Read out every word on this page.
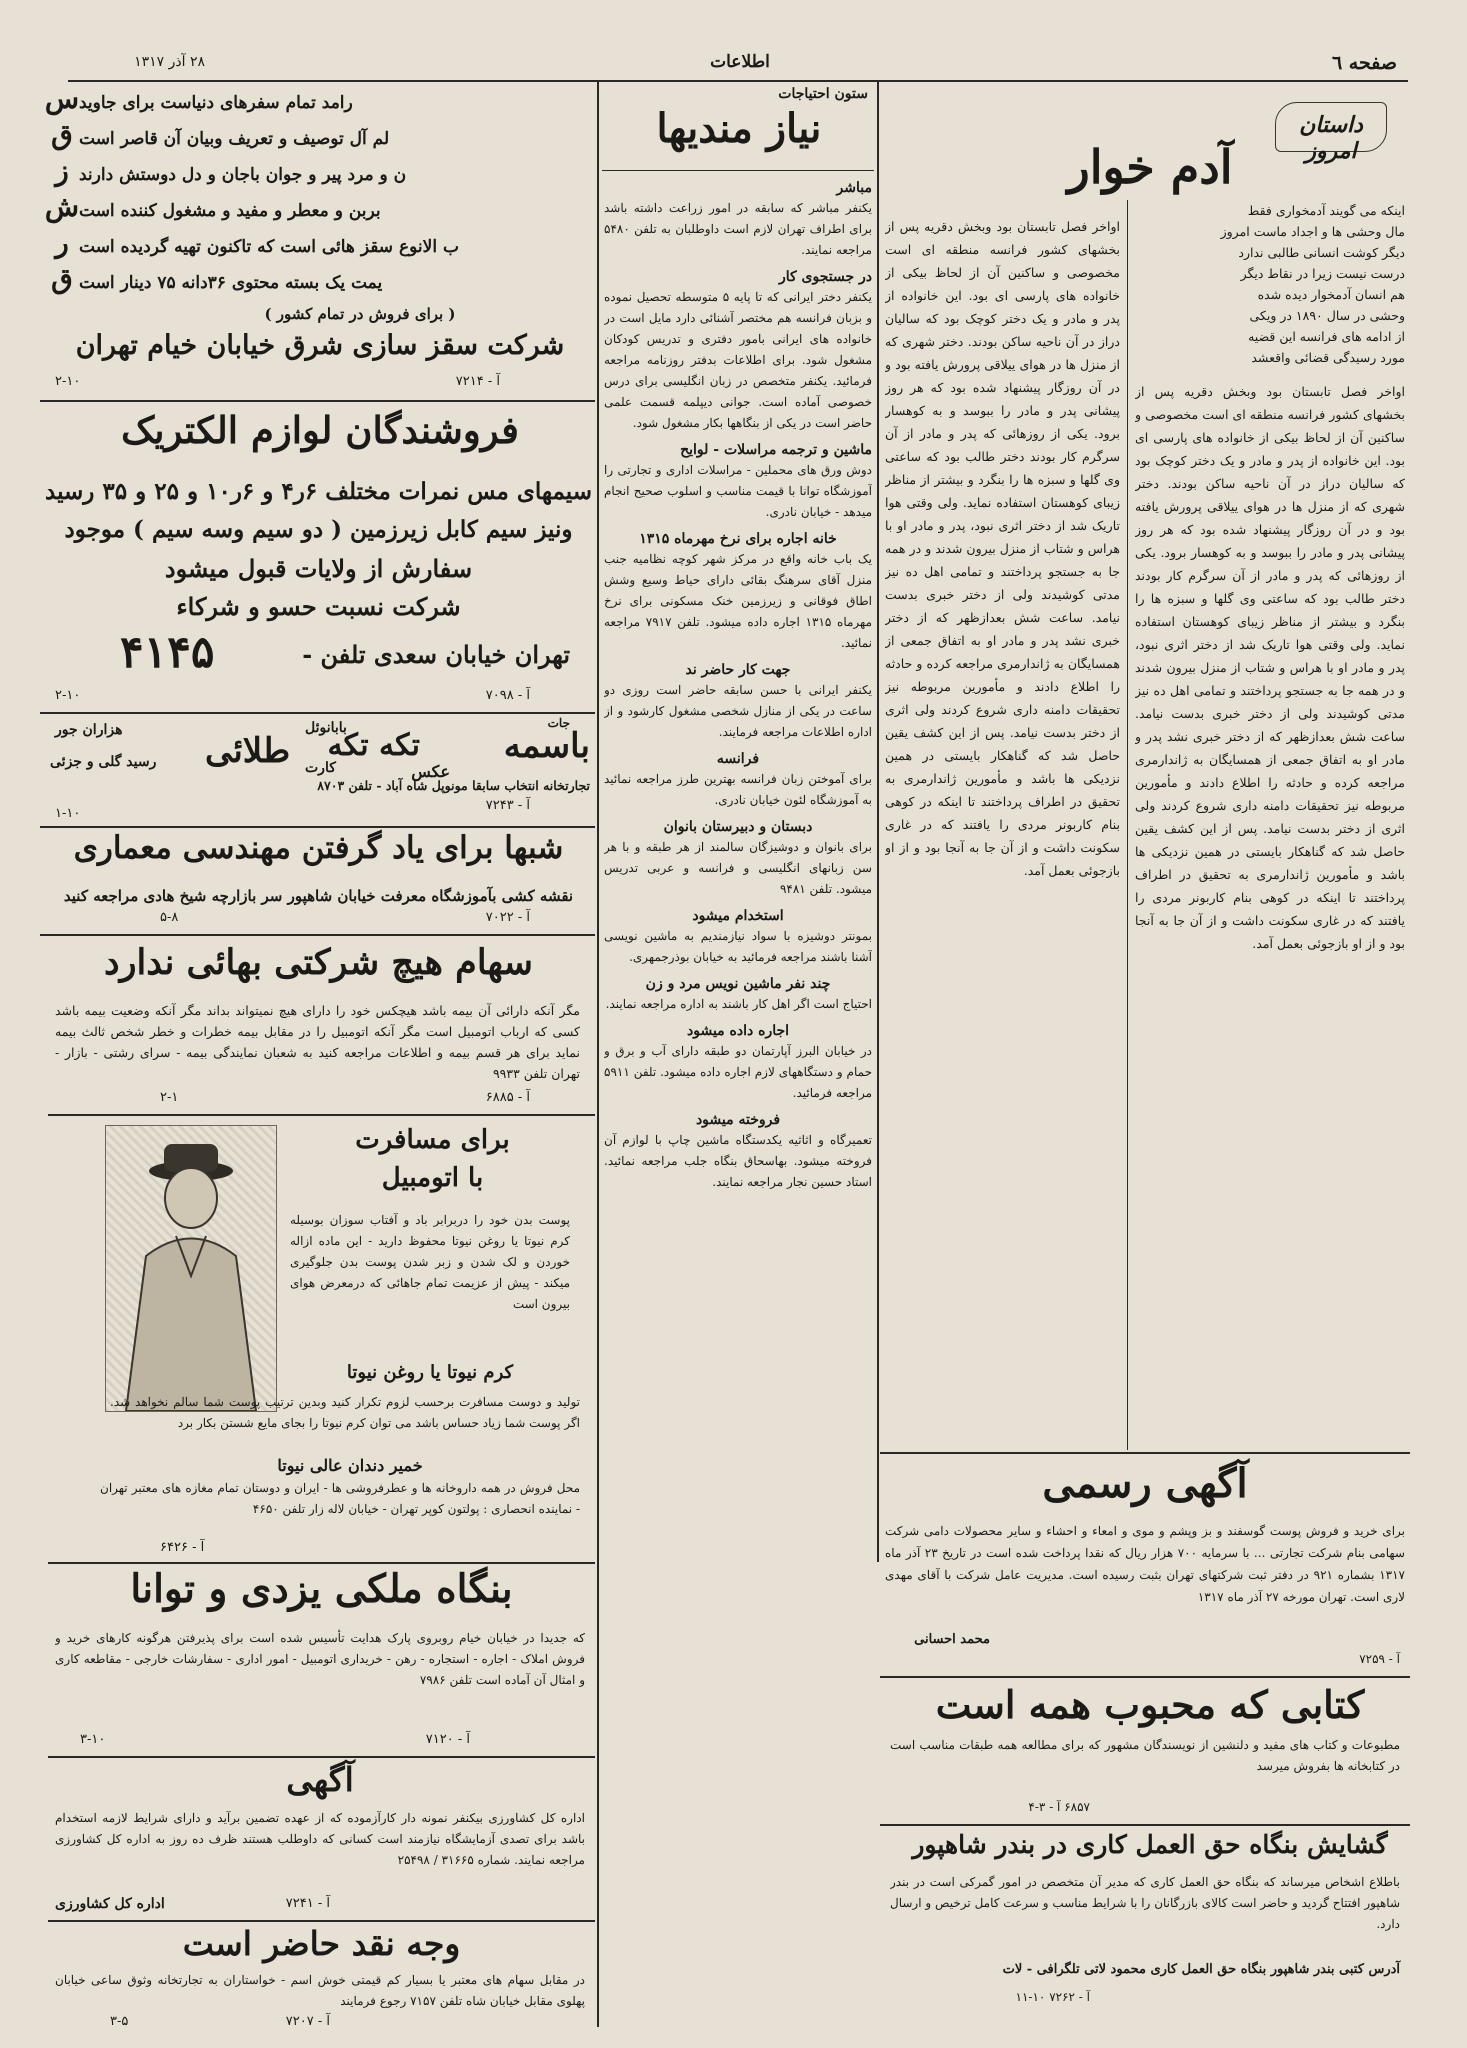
صفحه ٦
اطلاعات
۲۸ آذر ۱۳۱۷
داستان امروز
آدم خوار
اینکه می گویند آدمخواری فقط
مال وحشی ها و اجداد ماست امروز
دیگر کوشت انسانی طالبی ندارد
درست نیست زیرا در نقاط دیگر
هم انسان آدمخوار دیده شده
وحشی در سال ۱۸۹۰ در ویکی
از ادامه های فرانسه این قضیه
مورد رسیدگی قضائی واقعشد
اواخر فصل تابستان بود وبخش دقریه پس از بخشهای کشور فرانسه منطقه ای است مخصوصی و ساکنین آن از لحاظ بیکی از خانواده های پارسی ای بود. این خانواده از پدر و مادر و یک دختر کوچک بود که سالیان دراز در آن ناحیه ساکن بودند. دختر شهری که از منزل ها در هوای ییلاقی پرورش یافته بود و در آن روزگار پیشنهاد شده بود که هر روز پیشانی پدر و مادر را ببوسد و به کوهسار برود. یکی از روزهائی که پدر و مادر از آن سرگرم کار بودند دختر طالب بود که ساعتی وی گلها و سبزه ها را بنگرد و بیشتر از مناظر زیبای کوهستان استفاده نماید. ولی وقتی هوا تاریک شد از دختر اثری نبود، پدر و مادر او با هراس و شتاب از منزل بیرون شدند و در همه جا به جستجو پرداختند و تمامی اهل ده نیز مدتی کوشیدند ولی از دختر خبری بدست نیامد. ساعت شش بعدازظهر که از دختر خبری نشد پدر و مادر او به اتفاق جمعی از همسایگان به ژاندارمری مراجعه کرده و حادثه را اطلاع دادند و مأمورین مربوطه نیز تحقیقات دامنه داری شروع کردند ولی اثری از دختر بدست نیامد. پس از این کشف یقین حاصل شد که گناهکار بایستی در همین نزدیکی ها باشد و مأمورین ژاندارمری به تحقیق در اطراف پرداختند تا اینکه در کوهی بنام کاربونر مردی را یافتند که در غاری سکونت داشت و از آن جا به آنجا بود و از او بازجوئی بعمل آمد.
اواخر فصل تابستان بود وبخش دقریه پس از بخشهای کشور فرانسه منطقه ای است مخصوصی و ساکنین آن از لحاظ بیکی از خانواده های پارسی ای بود. این خانواده از پدر و مادر و یک دختر کوچک بود که سالیان دراز در آن ناحیه ساکن بودند. دختر شهری که از منزل ها در هوای ییلاقی پرورش یافته بود و در آن روزگار پیشنهاد شده بود که هر روز پیشانی پدر و مادر را ببوسد و به کوهسار برود. یکی از روزهائی که پدر و مادر از آن سرگرم کار بودند دختر طالب بود که ساعتی وی گلها و سبزه ها را بنگرد و بیشتر از مناظر زیبای کوهستان استفاده نماید. ولی وقتی هوا تاریک شد از دختر اثری نبود، پدر و مادر او با هراس و شتاب از منزل بیرون شدند و در همه جا به جستجو پرداختند و تمامی اهل ده نیز مدتی کوشیدند ولی از دختر خبری بدست نیامد. ساعت شش بعدازظهر که از دختر خبری نشد پدر و مادر او به اتفاق جمعی از همسایگان به ژاندارمری مراجعه کرده و حادثه را اطلاع دادند و مأمورین مربوطه نیز تحقیقات دامنه داری شروع کردند ولی اثری از دختر بدست نیامد. پس از این کشف یقین حاصل شد که گناهکار بایستی در همین نزدیکی ها باشد و مأمورین ژاندارمری به تحقیق در اطراف پرداختند تا اینکه در کوهی بنام کاربونر مردی را یافتند که در غاری سکونت داشت و از آن جا به آنجا بود و از او بازجوئی بعمل آمد.
آگهی رسمی
برای خرید و فروش پوست گوسفند و بز وپشم و موی و امعاء و احشاء و سایر محصولات دامی شرکت سهامی بنام شرکت تجارتی ... با سرمایه ۷۰۰ هزار ریال که نقدا پرداخت شده است در تاریخ ۲۳ آذر ماه ۱۳۱۷ بشماره ۹۲۱ در دفتر ثبت شرکتهای تهران بثبت رسیده است. مدیریت عامل شرکت با آقای مهدی لاری است. تهران مورخه ۲۷ آذر ماه ۱۳۱۷
محمد احسانی
آ - ۷۲۵۹
کتابی که محبوب همه است
مطبوعات و کتاب های مفید و دلنشین از نویسندگان مشهور که برای مطالعه همه طبقات مناسب است در کتابخانه ها بفروش میرسد
۶۸۵۷ آ - ۳-۴
گشایش بنگاه حق العمل کاری در بندر شاهپور
باطلاع اشخاص میرساند که بنگاه حق العمل کاری که مدیر آن متخصص در امور گمرکی است در بندر شاهپور افتتاح گردید و حاضر است کالای بازرگانان را با شرایط مناسب و سرعت کامل ترخیص و ارسال دارد.
آدرس کتبی بندر شاهپور بنگاه حق العمل کاری محمود لاتی تلگرافی - لات
آ - ۷۲۶۲ ۱۰-۱۱
ستون احتیاجات
نیاز مندیها
مباشر
یکنفر مباشر که سابقه در امور زراعت داشته باشد برای اطراف تهران لازم است داوطلبان به تلفن ۵۴۸۰ مراجعه نمایند.
در جستجوی کار
یکنفر دختر ایرانی که تا پایه ۵ متوسطه تحصیل نموده و بزبان فرانسه هم مختصر آشنائی دارد مایل است در خانواده های ایرانی بامور دفتری و تدریس کودکان مشغول شود. برای اطلاعات بدفتر روزنامه مراجعه فرمائید. یکنفر متخصص در زبان انگلیسی برای درس خصوصی آماده است. جوانی دیپلمه قسمت علمی حاضر است در یکی از بنگاهها بکار مشغول شود.
ماشین و ترجمه مراسلات - لوایح
دوش ورق های محملین - مراسلات اداری و تجارتی را آموزشگاه توانا با قیمت مناسب و اسلوب صحیح انجام میدهد - خیابان نادری.
خانه اجاره برای نرخ مهرماه ۱۳۱۵
یک باب خانه واقع در مرکز شهر کوچه نظامیه جنب منزل آقای سرهنگ بقائی دارای حیاط وسیع وشش اطاق فوقانی و زیرزمین خنک مسکونی برای نرخ مهرماه ۱۳۱۵ اجاره داده میشود. تلفن ۷۹۱۷ مراجعه نمائید.
جهت کار حاضر ند
یکنفر ایرانی با حسن سابقه حاضر است روزی دو ساعت در یکی از منازل شخصی مشغول کارشود و از اداره اطلاعات مراجعه فرمایند.
فرانسه
برای آموختن زبان فرانسه بهترین طرز مراجعه نمائید به آموزشگاه لئون خیابان نادری.
دبستان و دبیرستان بانوان
برای بانوان و دوشیزگان سالمند از هر طبقه و با هر سن زبانهای انگلیسی و فرانسه و عربی تدریس میشود. تلفن ۹۴۸۱
استخدام میشود
بمونتر دوشیزه با سواد نیازمندیم به ماشین نویسی آشنا باشند مراجعه فرمائید به خیابان بوذرجمهری.
چند نفر ماشین نویس مرد و زن
احتیاج است اگر اهل کار باشند به اداره مراجعه نمایند.
اجاره داده میشود
در خیابان البرز آپارتمان دو طبقه دارای آب و برق و حمام و دستگاههای لازم اجاره داده میشود. تلفن ۵۹۱۱ مراجعه فرمائید.
فروخته میشود
تعمیرگاه و اثاثیه یکدستگاه ماشین چاپ با لوازم آن فروخته میشود. بهاسحاق بنگاه جلب مراجعه نمائید. استاد حسین نجار مراجعه نمایند.
س رامد تمام سفرهای دنیاست برای جاوید
ق لم آل توصیف و تعریف وبیان آن قاصر است
ز ن و مرد پیر و جوان باجان و دل دوستش دارند
ش بربن و معطر و مفید و مشغول کننده است
ر ب الانوع سقز هائی است که تاکنون تهیه گردیده است
ق یمت یک بسته محتوی ۳۶دانه ۷۵ دینار است
( برای فروش در تمام کشور )
شرکت سقز سازی شرق خیابان خیام تهران
آ - ۷۲۱۴
۲-۱۰
فروشندگان لوازم الکتریک
سیمهای مس نمرات مختلف ۶ر۴ و ۶ر۱۰ و ۲۵ و ۳۵ رسید
ونیز سیم کابل زیرزمین ( دو سیم وسه سیم ) موجود
سفارش از ولایات قبول میشود
شرکت نسبت حسو و شرکاء
تهران خیابان سعدی تلفن -
۴۱۴۵
آ - ۷۰۹۸
۲-۱۰
باسمه
جات
تکه تکه
عکس
طلائی کارت
بابانوئل
هزاران جور
رسید گلی و جزئی
تجارتخانه انتخاب سابقا مونوپل شاه آباد - تلفن ۸۷۰۳
آ - ۷۲۴۳
۱-۱۰
شبها برای یاد گرفتن مهندسی معماری
نقشه کشی بآموزشگاه معرفت خیابان شاهپور سر بازارچه شیخ هادی مراجعه کنید
آ - ۷۰۲۲
۵-۸
سهام هیچ شرکتی بهائی ندارد
مگر آنکه دارائی آن بیمه باشد هیچکس خود را دارای هیچ نمیتواند بداند مگر آنکه وضعیت بیمه باشد کسی که ارباب اتومبیل است مگر آنکه اتومبیل را در مقابل بیمه خطرات و خطر شخص ثالث بیمه نماید برای هر قسم بیمه و اطلاعات مراجعه کنید به شعبان نمایندگی بیمه - سرای رشتی - بازار - تهران تلفن ۹۹۳۳
آ - ۶۸۸۵
۲-۱
برای مسافرت
با اتومبیل
پوست بدن خود را دربرابر باد و آفتاب سوزان بوسیله کرم نیوتا یا روغن نیوتا محفوظ دارید - این ماده ازاله خوردن و لک شدن و زبر شدن پوست بدن جلوگیری میکند - پیش از عزیمت تمام جاهائی که درمعرض هوای بیرون است
کرم نیوتا یا روغن نیوتا
تولید و دوست مسافرت برحسب لزوم تکرار کنید وبدین ترتیب پوست شما سالم نخواهد شد. اگر پوست شما زیاد حساس باشد می توان کرم نیوتا را بجای مایع شستن بکار برد
خمیر دندان عالی نیوتا
محل فروش در همه داروخانه ها و عطرفروشی ها - ایران و دوستان تمام مغازه های معتبر تهران - نماینده انحصاری : پولتون کوپر تهران - خیابان لاله زار تلفن ۴۶۵۰
آ - ۶۴۲۶
بنگاه ملکی یزدی و توانا
که جدیدا در خیابان خیام روبروی پارک هدایت تأسیس شده است برای پذیرفتن هرگونه کارهای خرید و فروش املاک - اجاره - استجاره - رهن - خریداری اتومبیل - امور اداری - سفارشات خارجی - مقاطعه کاری و امثال آن آماده است تلفن ۷۹۸۶
آ - ۷۱۲۰
۳-۱۰
آگهی
اداره کل کشاورزی بیکنفر نمونه دار کارآزموده که از عهده تضمین برآید و دارای شرایط لازمه استخدام باشد برای تصدی آزمایشگاه نیازمند است کسانی که داوطلب هستند ظرف ده روز به اداره کل کشاورزی مراجعه نمایند. شماره ۳۱۶۶۵ / ۲۵۴۹۸
آ - ۷۲۴۱
اداره کل کشاورزی
وجه نقد حاضر است
در مقابل سهام های معتبر یا بسیار کم قیمتی خوش اسم - خواستاران به تجارتخانه وثوق ساعی خیابان پهلوی مقابل خیابان شاه تلفن ۷۱۵۷ رجوع فرمایند
آ - ۷۲۰۷
۳-۵
